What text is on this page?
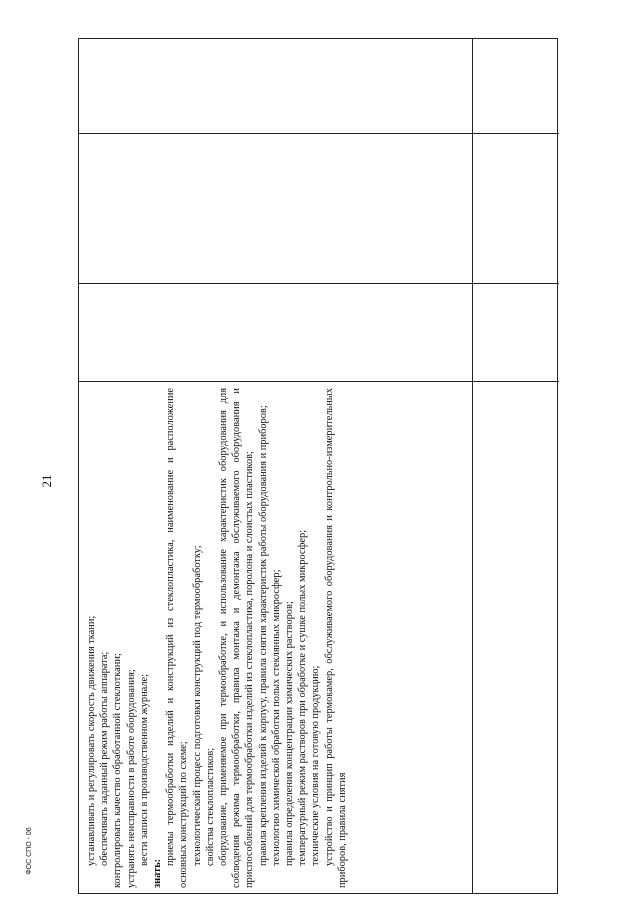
21
ФОС СПО - 06	устанавливать и регулировать скорость движения ткани; обеспечивать заданный режим работы аппарата; контролировать качество обработанной стеклоткани; устранять неисправности в работе оборудования; вести записи в производственном журнале;

знать:

приемы термообработки изделий и конструкций из стеклопластика, наименование и расположение основных конструкций по схеме; технологический процесс подготовки конструкций под термообработку; свойства стеклопластиков; оборудование, применяемое при термообработке, и использование характеристик оборудования для соблюдения режима термообработки, правила монтажа и демонтажа обслуживаемого оборудования и приспособлений для термообработки изделий из стеклопластика, поролона и слоистых пластиков; правила крепления изделий к корпусу, правила снятия характеристик работы оборудования и приборов; технологию химической обработки полых стеклянных микросфер; правила определения концентрации химических растворов; температурный режим растворов при обработке и сушке полых микросфер; технические условия на готовую продукцию; устройство и принцип работы термокамер, обслуживаемого оборудования и контрольно-измерительных приборов, правила снятия
